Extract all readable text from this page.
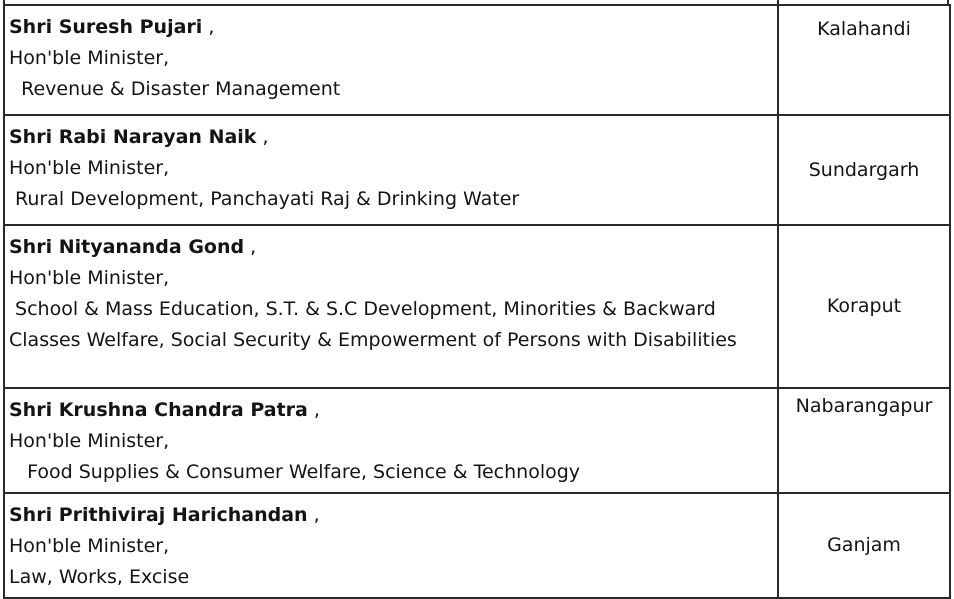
Shri Suresh Pujari ,
Hon'ble Minister,
Revenue & Disaster Management	Kalahandi

Shri Rabi Narayan Naik ,
Hon'ble Minister,
Rural Development, Panchayati Raj & Drinking Water	Sundargarh

Shri Nityananda Gond ,
Hon'ble Minister,
School & Mass Education, S.T. & S.C Development, Minorities & Backward Classes Welfare, Social Security & Empowerment of Persons with Disabilities	Koraput

Shri Krushna Chandra Patra ,
Hon'ble Minister,
Food Supplies & Consumer Welfare, Science & Technology	Nabarangapur

Shri Prithiviraj Harichandan ,
Hon'ble Minister,
Law, Works, Excise	Ganjam
